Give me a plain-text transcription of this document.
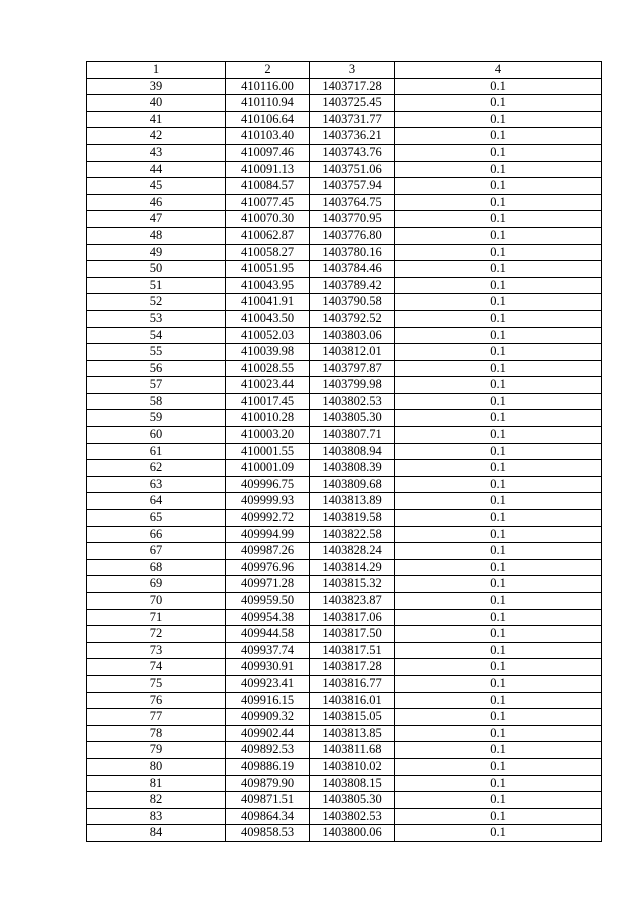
1	2	3	4
39	410116.00	1403717.28	0.1
40	410110.94	1403725.45	0.1
41	410106.64	1403731.77	0.1
42	410103.40	1403736.21	0.1
43	410097.46	1403743.76	0.1
44	410091.13	1403751.06	0.1
45	410084.57	1403757.94	0.1
46	410077.45	1403764.75	0.1
47	410070.30	1403770.95	0.1
48	410062.87	1403776.80	0.1
49	410058.27	1403780.16	0.1
50	410051.95	1403784.46	0.1
51	410043.95	1403789.42	0.1
52	410041.91	1403790.58	0.1
53	410043.50	1403792.52	0.1
54	410052.03	1403803.06	0.1
55	410039.98	1403812.01	0.1
56	410028.55	1403797.87	0.1
57	410023.44	1403799.98	0.1
58	410017.45	1403802.53	0.1
59	410010.28	1403805.30	0.1
60	410003.20	1403807.71	0.1
61	410001.55	1403808.94	0.1
62	410001.09	1403808.39	0.1
63	409996.75	1403809.68	0.1
64	409999.93	1403813.89	0.1
65	409992.72	1403819.58	0.1
66	409994.99	1403822.58	0.1
67	409987.26	1403828.24	0.1
68	409976.96	1403814.29	0.1
69	409971.28	1403815.32	0.1
70	409959.50	1403823.87	0.1
71	409954.38	1403817.06	0.1
72	409944.58	1403817.50	0.1
73	409937.74	1403817.51	0.1
74	409930.91	1403817.28	0.1
75	409923.41	1403816.77	0.1
76	409916.15	1403816.01	0.1
77	409909.32	1403815.05	0.1
78	409902.44	1403813.85	0.1
79	409892.53	1403811.68	0.1
80	409886.19	1403810.02	0.1
81	409879.90	1403808.15	0.1
82	409871.51	1403805.30	0.1
83	409864.34	1403802.53	0.1
84	409858.53	1403800.06	0.1
